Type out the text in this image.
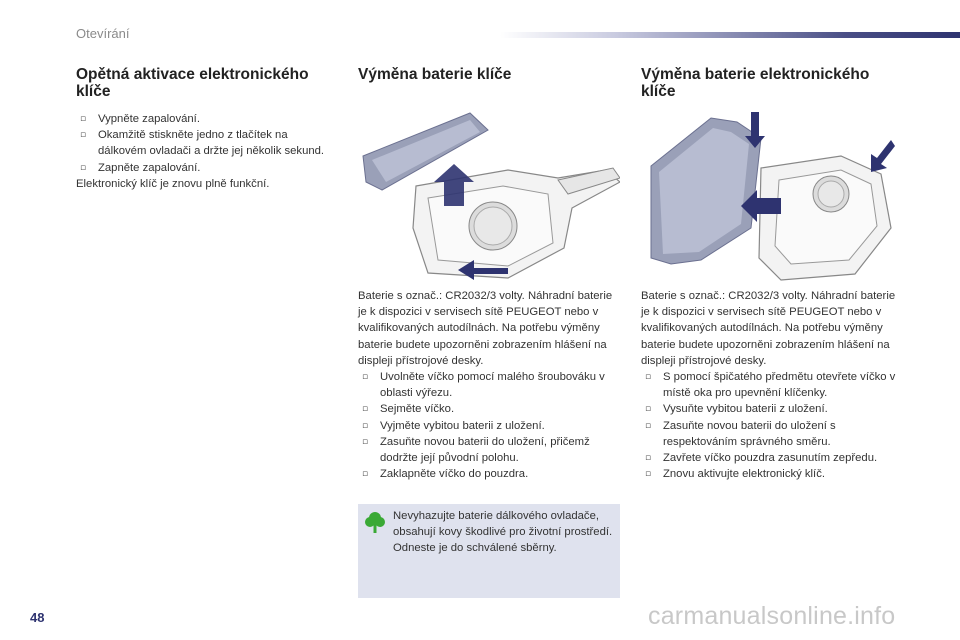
Otevírání
Opětná aktivace elektronického klíče
▫ Vypněte zapalování.
▫ Okamžitě stiskněte jedno z tlačítek na dálkovém ovladači a držte jej několik sekund.
▫ Zapněte zapalování.

Elektronický klíč je znovu plně funkční.

Výměna baterie klíče

Baterie s označ.: CR2032/3 volty. Náhradní baterie je k dispozici v servisech sítě PEUGEOT nebo v kvalifikovaných autodílnách. Na potřebu výměny baterie budete upozorněni zobrazením hlášení na displeji přístrojové desky.

▫ Uvolněte víčko pomocí malého šroubováku v oblasti výřezu.
▫ Sejměte víčko.
▫ Vyjměte vybitou baterii z uložení.
▫ Zasuňte novou baterii do uložení, přičemž dodržte její původní polohu.
▫ Zaklapněte víčko do pouzdra.
Výměna baterie elektronického klíče

Baterie s označ.: CR2032/3 volty. Náhradní baterie je k dispozici v servisech sítě PEUGEOT nebo v kvalifikovaných autodílnách. Na potřebu výměny baterie budete upozorněni zobrazením hlášení na displeji přístrojové desky.

▫ S pomocí špičatého předmětu otevřete víčko v místě oka pro upevnění klíčenky.
▫ Vysuňte vybitou baterii z uložení.
▫ Zasuňte novou baterii do uložení s respektováním správného směru.
▫ Zavřete víčko pouzdra zasunutím zepředu.
▫ Znovu aktivujte elektronický klíč.

Nevyhazujte baterie dálkového ovladače, obsahují kovy škodlivé pro životní prostředí.

Odneste je do schválené sběrny.

48	carmanualsonline.info
